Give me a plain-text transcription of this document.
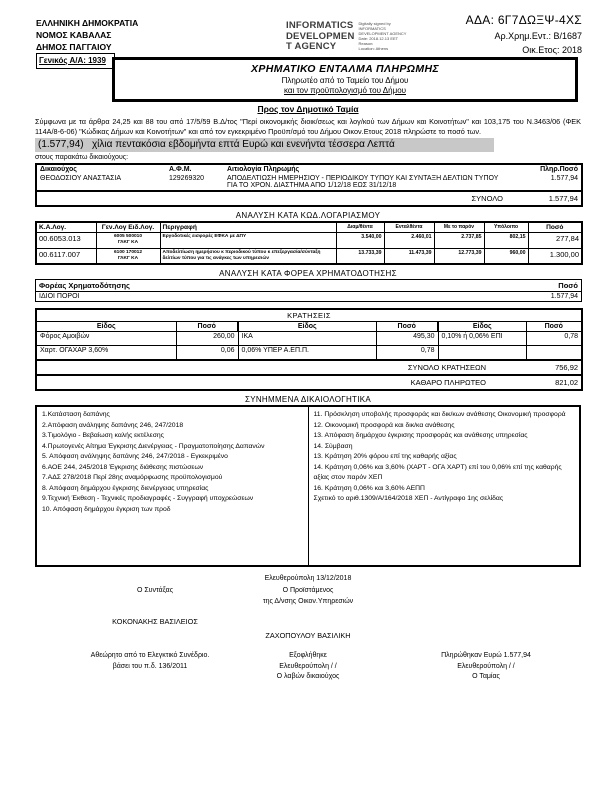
ΕΛΛΗΝΙΚΗ ΔΗΜΟΚΡΑΤΙΑ
ΝΟΜΟΣ ΚΑΒΑΛΑΣ
ΔΗΜΟΣ ΠΑΓΓΑΙΟΥ
Γενικός Α/Α: 1939
INFORMATICS
DEVELOPMEN
T AGENCY
Digitally signed by
INFORMATICS
DEVELOPMENT AGENCY
Date: 2018.12.13 EET
Reason:
Location: Athens
ΑΔΑ: 6Γ7ΔΩΞΨ-4ΧΣ
Αρ.Χρημ.Εντ.: Β/1687
Οικ.Ετος: 2018
ΧΡΗΜΑΤΙΚΟ ΕΝΤΑΛΜΑ ΠΛΗΡΩΜΗΣ
Πληρωτέο από το Ταμείο του Δήμου
και τον προϋπολογισμό του Δήμου
Προς τον Δημοτικό Ταμία

Σύμφωνα με τα άρθρα 24,25 και 88 του από 17/5/59 Β.Δ/τος "Περί οικονομικής διοικ/σεως και λογ/κού των Δήμων και Κοινοτήτων" και 103,175 του Ν.3463/06 (ΦΕΚ 114Α/8-6-06) "Κώδικας Δήμων και Κοινοτήτων" και από τον εγκεκριμένο Προϋπ/σμό του Δήμου Οικον.Ετους 2018 πληρώστε το ποσό των.

(1.577,94) χίλια πεντακόσια εβδομήντα επτά Ευρώ και ενενήντα τέσσερα Λεπτά
στους παρακάτω δικαιούχους:
Δικαιούχος	Α.Φ.Μ.	Αιτιολογία Πληρωμής	Πληρ.Ποσό
ΘΕΟΔΟΣΙΟΥ ΑΝΑΣΤΑΣΙΑ	129269320	ΑΠΟΔΕΛΤΙΩΣΗ ΗΜΕΡΗΣΙΟΥ - ΠΕΡΙΟΔΙΚΟΥ ΤΥΠΟΥ ΚΑΙ ΣΥΝΤΑΞΗ ΔΕΛΤΙΩΝ ΤΥΠΟΥ ΓΙΑ ΤΟ ΧΡΟΝ. ΔΙΑΣΤΗΜΑ ΑΠΟ 1/12/18 ΕΩΣ 31/12/18	1.577,94
		ΣΥΝΟΛΟ	1.577,94
ΑΝΑΛΥΣΗ ΚΑΤΑ ΚΩΔ.ΛΟΓΑΡΙΑΣΜΟΥ
Κ.Α.Λογ.	Γεν.Λογ Ειδ.Λογ.	Περιγραφή	Διαμ/θέντα	Ενταλθέντα	Με το παρόν	Υπόλοιπο	Ποσό
00.6053.013	6005 500010
ΓΛΚΓ ΚΑ	Εργοδοτικές εισφορές ΕΦΚΑ με ΔΠΥ	3.540,00	2.460,01	2.737,85	802,15	277,84
00.6117.007	6100 170012
ΓΛΚΓ ΚΑ	Αποδελτίωση ημερήσιου κ περιοδικού τύπου κ επεξεργασία/σύνταξη δελτίων τύπου για τις ανάγκες των υπηρεσιών	13.733,39	11.473,39	12.773,39	960,00	1.300,00
ΑΝΑΛΥΣΗ ΚΑΤΑ ΦΟΡΕΑ ΧΡΗΜΑΤΟΔΟΤΗΣΗΣ
Φορέας Χρηματοδότησης	Ποσό
ΙΔΙΟΙ ΠΟΡΟΙ	1.577,94
ΚΡΑΤΗΣΕΙΣ					
Είδος	Ποσό	Είδος	Ποσό	Είδος	Ποσό
Φόρος Αμοιβών	260,00	ΙΚΑ	495,30	0,10% ή 0,06% ΕΠΙ	0,78
Χαρτ. ΟΓΑΧΑΡ 3,60%	0,06	0,06% ΥΠΕΡ Α.ΕΠ.Π.	0,78		
ΣΥΝΟΛΟ ΚΡΑΤΗΣΕΩΝ					756,92
ΚΑΘΑΡΟ ΠΛΗΡΩΤΕΟ					821,02
ΣΥΝΗΜΜΕΝΑ ΔΙΚΑΙΟΛΟΓΗΤΙΚΑ
1.Κατάσταση δαπάνης
2.Απόφαση ανάληψης δαπάνης 246, 247/2018
3.Τιμολόγιο - Βεβαίωση καλής εκτέλεσης
4.Πρωτογενές Αίτημα Έγκρισης Διενέργειας - Πραγματοποίησης Δαπανών
5. Απόφαση ανάληψης δαπάνης 246, 247/2018 - Εγκεκριμένο
6.ΑΟΕ 244, 245/2018 Έγκρισης διάθεσης πιστώσεων
7.ΑΔΣ 278/2018 Περί 28ης αναμόρφωσης προϋπολογισμού
8. Απόφαση δημάρχου έγκρισης διενέργειας υπηρεσίας
9.Τεχνική Έκθεση - Τεχνικές προδιαγραφές - Συγγραφή υποχρεώσεων
10. Απόφαση δημάρχου έγκριση των προδ
11. Πρόσκληση υποβολής προσφοράς και δικ/κων ανάθεσης Οικονομική προσφορά
12. Οικονομική προσφορά και δικ/κα ανάθεσης
13. Απόφαση δημάρχου έγκρισης προσφοράς και ανάθεσης υπηρεσίας
14. Σύμβαση
13. Κράτηση 20% φόρου επί της καθαρής αξίας
14. Κράτηση 0,06% και 3,60% (ΧΑΡΤ - ΟΓΑ ΧΑΡΤ) επί του 0,06% επί της καθαρής αξίας στον παρόν ΧΕΠ
16. Κράτηση 0,06% και 3,60% ΑΕΠΠ
Σχετικό το αριθ.1309/Α/164/2018 ΧΕΠ - Αντίγραφο 1ης σελίδας
Ελευθερούπολη 13/12/2018
Ο Συντάξας	Ο Προϊστάμενος
της Δ/νσης Οικον.Υπηρεσιών
ΚΟΚΟΝΑΚΗΣ ΒΑΣΙΛΕΙΟΣ
ΖΑΧΟΠΟΥΛΟΥ ΒΑΣΙΛΙΚΗ
Αθεώρητο από το Ελεγκτικό Συνέδριο.
βάσει του π.δ. 136/2011
Εξοφλήθηκε
Ελευθερούπολη / /
Ο λαβών δικαιούχος
Πληρώθηκαν Ευρώ 1.577,94
Ελευθερούπολη / /
Ο Ταμίας
